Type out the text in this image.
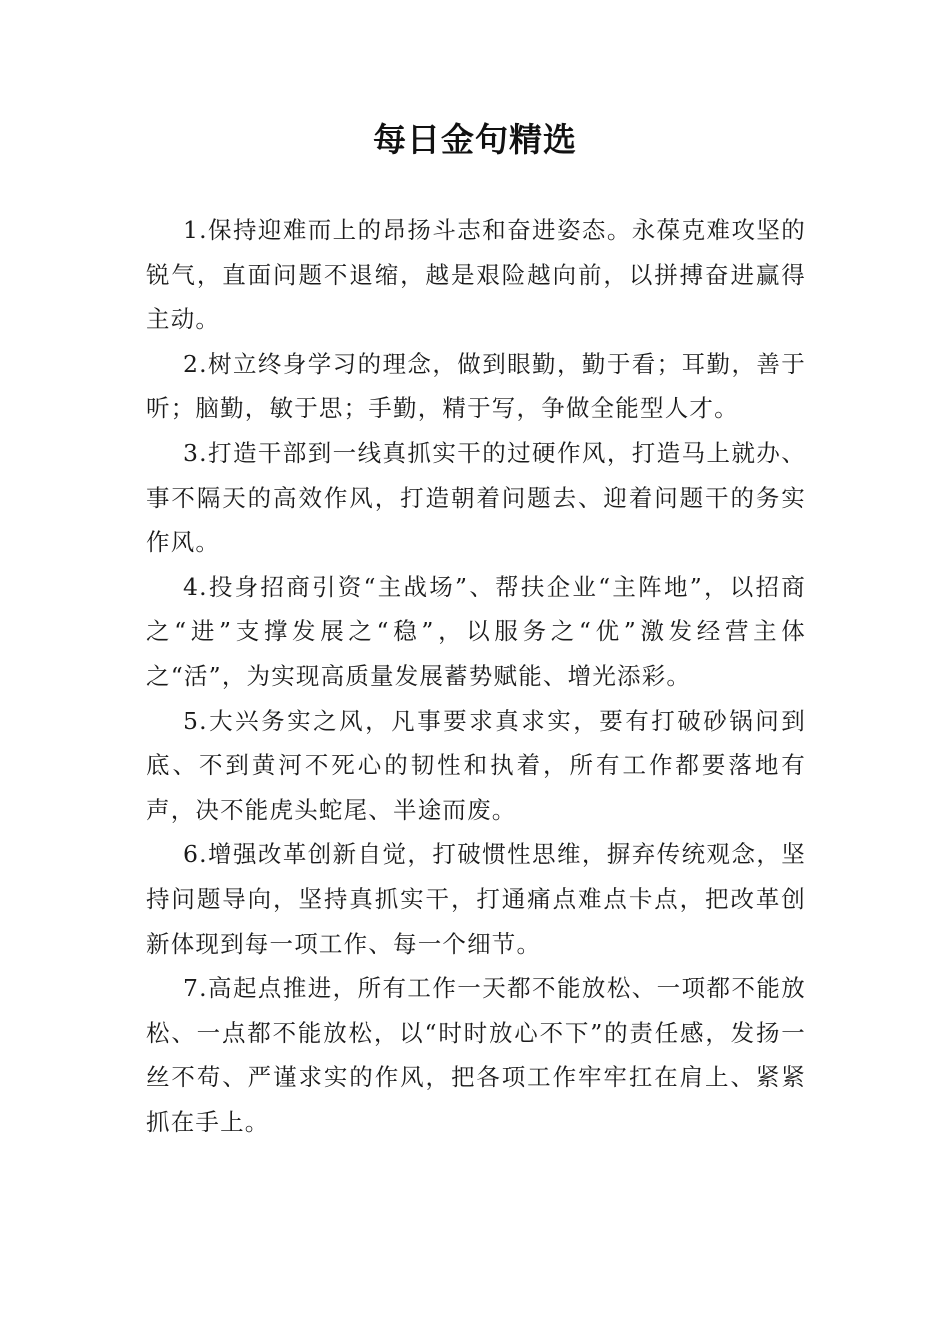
每日金句精选

1.保持迎难而上的昂扬斗志和奋进姿态。永葆克难攻坚的锐气，直面问题不退缩，越是艰险越向前，以拼搏奋进赢得主动。

2.树立终身学习的理念，做到眼勤，勤于看；耳勤，善于听；脑勤，敏于思；手勤，精于写，争做全能型人才。

3.打造干部到一线真抓实干的过硬作风，打造马上就办、事不隔天的高效作风，打造朝着问题去、迎着问题干的务实作风。

4.投身招商引资“主战场”、帮扶企业“主阵地”，以招商之“进”支撑发展之“稳”，以服务之“优”激发经营主体之“活”，为实现高质量发展蓄势赋能、增光添彩。

5.大兴务实之风，凡事要求真求实，要有打破砂锅问到底、不到黄河不死心的韧性和执着，所有工作都要落地有声，决不能虎头蛇尾、半途而废。

6.增强改革创新自觉，打破惯性思维，摒弃传统观念，坚持问题导向，坚持真抓实干，打通痛点难点卡点，把改革创新体现到每一项工作、每一个细节。

7.高起点推进，所有工作一天都不能放松、一项都不能放松、一点都不能放松，以“时时放心不下”的责任感，发扬一丝不苟、严谨求实的作风，把各项工作牢牢扛在肩上、紧紧抓在手上。
